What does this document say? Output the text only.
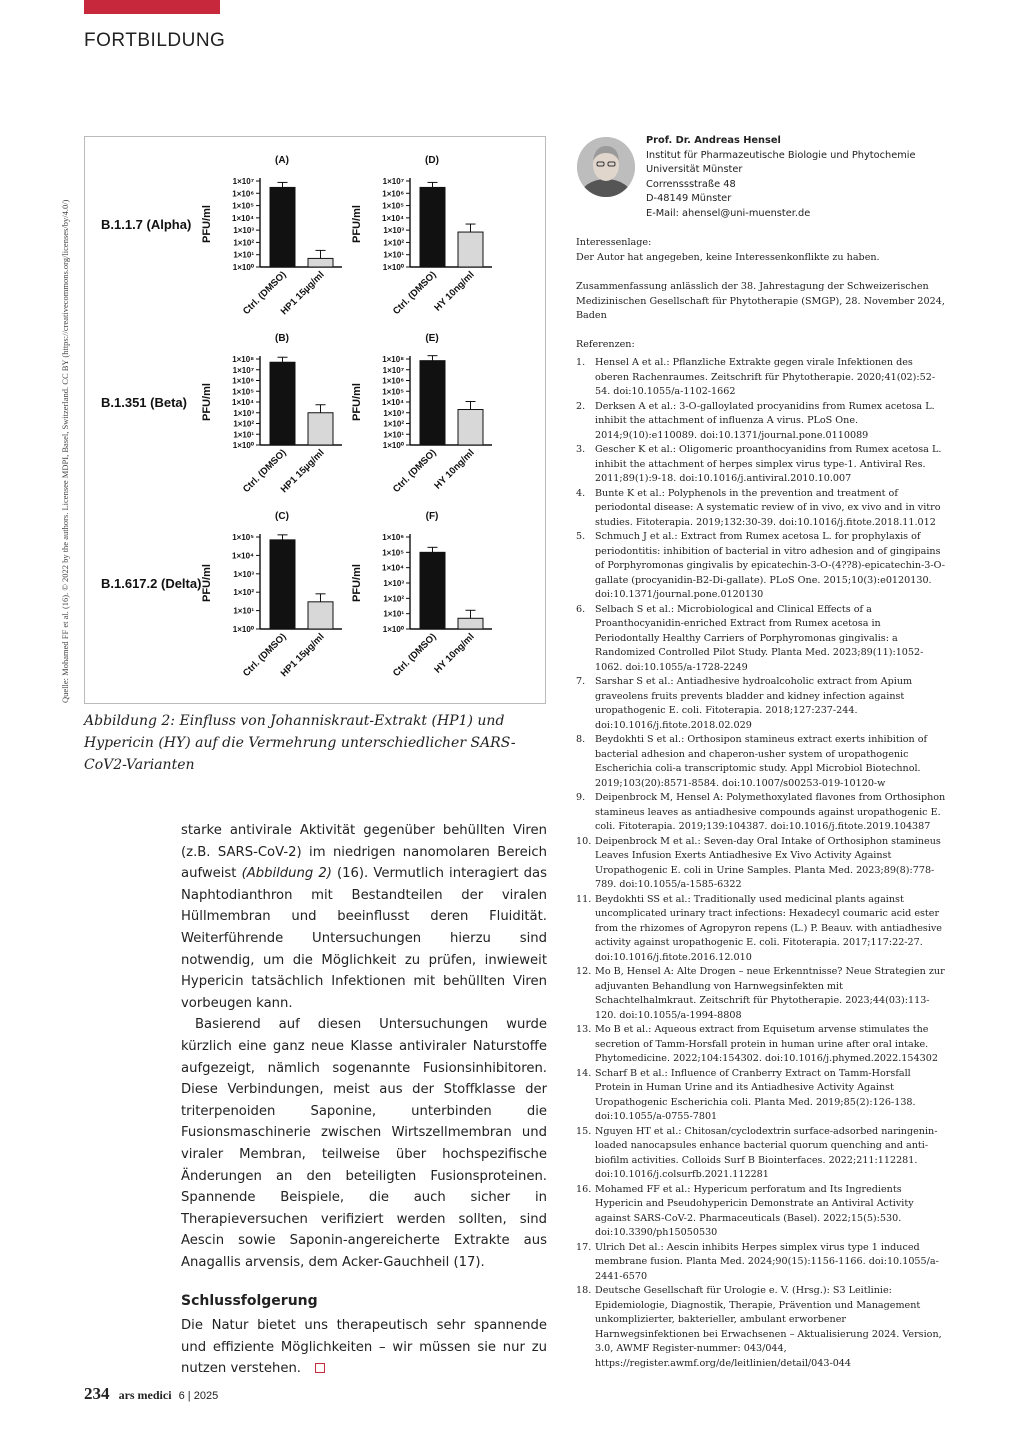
FORTBILDUNG
Quelle: Mohamed FF et al. (16). © 2022 by the authors. Licensee MDPI, Basel, Switzerland. CC BY (https://creativecommons.org/licenses/by/4.0/) B.1.1.7 (Alpha)
(A)
PFU/ml
1×10⁷
1×10⁶
1×10⁵
1×10⁴
1×10³
1×10²
1×10¹
1×10⁰
Ctrl. (DMSO)
HP1 15µg/ml
(D)
PFU/ml
1×10⁷
1×10⁶
1×10⁵
1×10⁴
1×10³
1×10²
1×10¹
1×10⁰
Ctrl. (DMSO)
HY 10ng/ml
B.1.351 (Beta)
(B)
PFU/ml
1×10⁸
1×10⁷
1×10⁶
1×10⁵
1×10⁴
1×10³
1×10²
1×10¹
1×10⁰
Ctrl. (DMSO)
HP1 15µg/ml
(E)
PFU/ml
1×10⁸
1×10⁷
1×10⁶
1×10⁵
1×10⁴
1×10³
1×10²
1×10¹
1×10⁰
Ctrl. (DMSO)
HY 10ng/ml
B.1.617.2 (Delta)
(C)
PFU/ml
1×10⁵
1×10⁴
1×10³
1×10²
1×10¹
1×10⁰
Ctrl. (DMSO)
HP1 15µg/ml
(F)
PFU/ml
1×10⁶
1×10⁵
1×10⁴
1×10³
1×10²
1×10¹
1×10⁰
Ctrl. (DMSO)
HY 10ng/ml
Abbildung 2: Einfluss von Johanniskraut-Extrakt (HP1) und Hypericin (HY) auf die Vermehrung unterschiedlicher SARS-CoV2-Varianten

starke antivirale Aktivität gegenüber behüllten Viren (z.B. SARS-CoV-2) im niedrigen nanomolaren Bereich aufweist (Abbildung 2) (16). Vermutlich interagiert das Naphtodianthron mit Bestandteilen der viralen Hüllmembran und beeinflusst deren Fluidität. Weiterführende Untersuchungen hierzu sind notwendig, um die Möglichkeit zu prüfen, inwieweit Hypericin tatsächlich Infektionen mit behüllten Viren vorbeugen kann.

Basierend auf diesen Untersuchungen wurde kürzlich eine ganz neue Klasse antiviraler Naturstoffe aufgezeigt, nämlich sogenannte Fusionsinhibitoren. Diese Verbindungen, meist aus der Stoffklasse der triterpenoiden Saponine, unterbinden die Fusionsmaschinerie zwischen Wirtszellmembran und viraler Membran, teilweise über hochspezifische Änderungen an den beteiligten Fusionsproteinen. Spannende Beispiele, die auch sicher in Therapieversuchen verifiziert werden sollten, sind Aescin sowie Saponin-angereicherte Extrakte aus Anagallis arvensis, dem Acker-Gauchheil (17).

Schlussfolgerung

Die Natur bietet uns therapeutisch sehr spannende und effiziente Möglichkeiten – wir müssen sie nur zu nutzen verstehen.

Prof. Dr. Andreas Hensel
Institut für Pharmazeutische Biologie und Phytochemie
Universität Münster
Correnssstraße 48
D-48149 Münster
E-Mail: ahensel@uni-muenster.de
Interessenlage:
Der Autor hat angegeben, keine Interessenkonflikte zu haben.
Zusammenfassung anlässlich der 38. Jahrestagung der Schweizerischen Medizinischen Gesellschaft für Phytotherapie (SMGP), 28. November 2024, Baden
Referenzen:
1. Hensel A et al.: Pflanzliche Extrakte gegen virale Infektionen des oberen Rachenraumes. Zeitschrift für Phytotherapie. 2020;41(02):52-54. doi:10.1055/a-1102-1662
2. Derksen A et al.: 3-O-galloylated procyanidins from Rumex acetosa L. inhibit the attachment of influenza A virus. PLoS One. 2014;9(10):e110089. doi:10.1371/journal.pone.0110089
3. Gescher K et al.: Oligomeric proanthocyanidins from Rumex acetosa L. inhibit the attachment of herpes simplex virus type-1. Antiviral Res. 2011;89(1):9-18. doi:10.1016/j.antiviral.2010.10.007
4. Bunte K et al.: Polyphenols in the prevention and treatment of periodontal disease: A systematic review of in vivo, ex vivo and in vitro studies. Fitoterapia. 2019;132:30-39. doi:10.1016/j.fitote.2018.11.012
5. Schmuch J et al.: Extract from Rumex acetosa L. for prophylaxis of periodontitis: inhibition of bacterial in vitro adhesion and of gingipains of Porphyromonas gingivalis by epicatechin-3-O-(4??8)-epicatechin-3-O-gallate (procyanidin-B2-Di-gallate). PLoS One. 2015;10(3):e0120130. doi:10.1371/journal.pone.0120130
6. Selbach S et al.: Microbiological and Clinical Effects of a Proanthocyanidin-enriched Extract from Rumex acetosa in Periodontally Healthy Carriers of Porphyromonas gingivalis: a Randomized Controlled Pilot Study. Planta Med. 2023;89(11):1052-1062. doi:10.1055/a-1728-2249
7. Sarshar S et al.: Antiadhesive hydroalcoholic extract from Apium graveolens fruits prevents bladder and kidney infection against uropathogenic E. coli. Fitoterapia. 2018;127:237-244. doi:10.1016/j.fitote.2018.02.029
8. Beydokhti S et al.: Orthosipon stamineus extract exerts inhibition of bacterial adhesion and chaperon-usher system of uropathogenic Escherichia coli-a transcriptomic study. Appl Microbiol Biotechnol. 2019;103(20):8571-8584. doi:10.1007/s00253-019-10120-w
9. Deipenbrock M, Hensel A: Polymethoxylated flavones from Orthosiphon stamineus leaves as antiadhesive compounds against uropathogenic E. coli. Fitoterapia. 2019;139:104387. doi:10.1016/j.fitote.2019.104387
10. Deipenbrock M et al.: Seven-day Oral Intake of Orthosiphon stamineus Leaves Infusion Exerts Antiadhesive Ex Vivo Activity Against Uropathogenic E. coli in Urine Samples. Planta Med. 2023;89(8):778-789. doi:10.1055/a-1585-6322
11. Beydokhti SS et al.: Traditionally used medicinal plants against uncomplicated urinary tract infections: Hexadecyl coumaric acid ester from the rhizomes of Agropyron repens (L.) P. Beauv. with antiadhesive activity against uropathogenic E. coli. Fitoterapia. 2017;117:22-27. doi:10.1016/j.fitote.2016.12.010
12. Mo B, Hensel A: Alte Drogen – neue Erkenntnisse? Neue Strategien zur adjuvanten Behandlung von Harnwegsinfekten mit Schachtelhalmkraut. Zeitschrift für Phytotherapie. 2023;44(03):113-120. doi:10.1055/a-1994-8808
13. Mo B et al.: Aqueous extract from Equisetum arvense stimulates the secretion of Tamm-Horsfall protein in human urine after oral intake. Phytomedicine. 2022;104:154302. doi:10.1016/j.phymed.2022.154302
14. Scharf B et al.: Influence of Cranberry Extract on Tamm-Horsfall Protein in Human Urine and its Antiadhesive Activity Against Uropathogenic Escherichia coli. Planta Med. 2019;85(2):126-138. doi:10.1055/a-0755-7801
15. Nguyen HT et al.: Chitosan/cyclodextrin surface-adsorbed naringenin-loaded nanocapsules enhance bacterial quorum quenching and anti-biofilm activities. Colloids Surf B Biointerfaces. 2022;211:112281. doi:10.1016/j.colsurfb.2021.112281
16. Mohamed FF et al.: Hypericum perforatum and Its Ingredients Hypericin and Pseudohypericin Demonstrate an Antiviral Activity against SARS-CoV-2. Pharmaceuticals (Basel). 2022;15(5):530. doi:10.3390/ph15050530
17. Ulrich Det al.: Aescin inhibits Herpes simplex virus type 1 induced membrane fusion. Planta Med. 2024;90(15):1156-1166. doi:10.1055/a-2441-6570
18. Deutsche Gesellschaft für Urologie e. V. (Hrsg.): S3 Leitlinie: Epidemiologie, Diagnostik, Therapie, Prävention und Management unkomplizierter, bakterieller, ambulant erworbener Harnwegsinfektionen bei Erwachsenen – Aktualisierung 2024. Version, 3.0, AWMF Register-nummer: 043/044, https://register.awmf.org/de/leitlinien/detail/043-044
234 ars medici 6 | 2025
